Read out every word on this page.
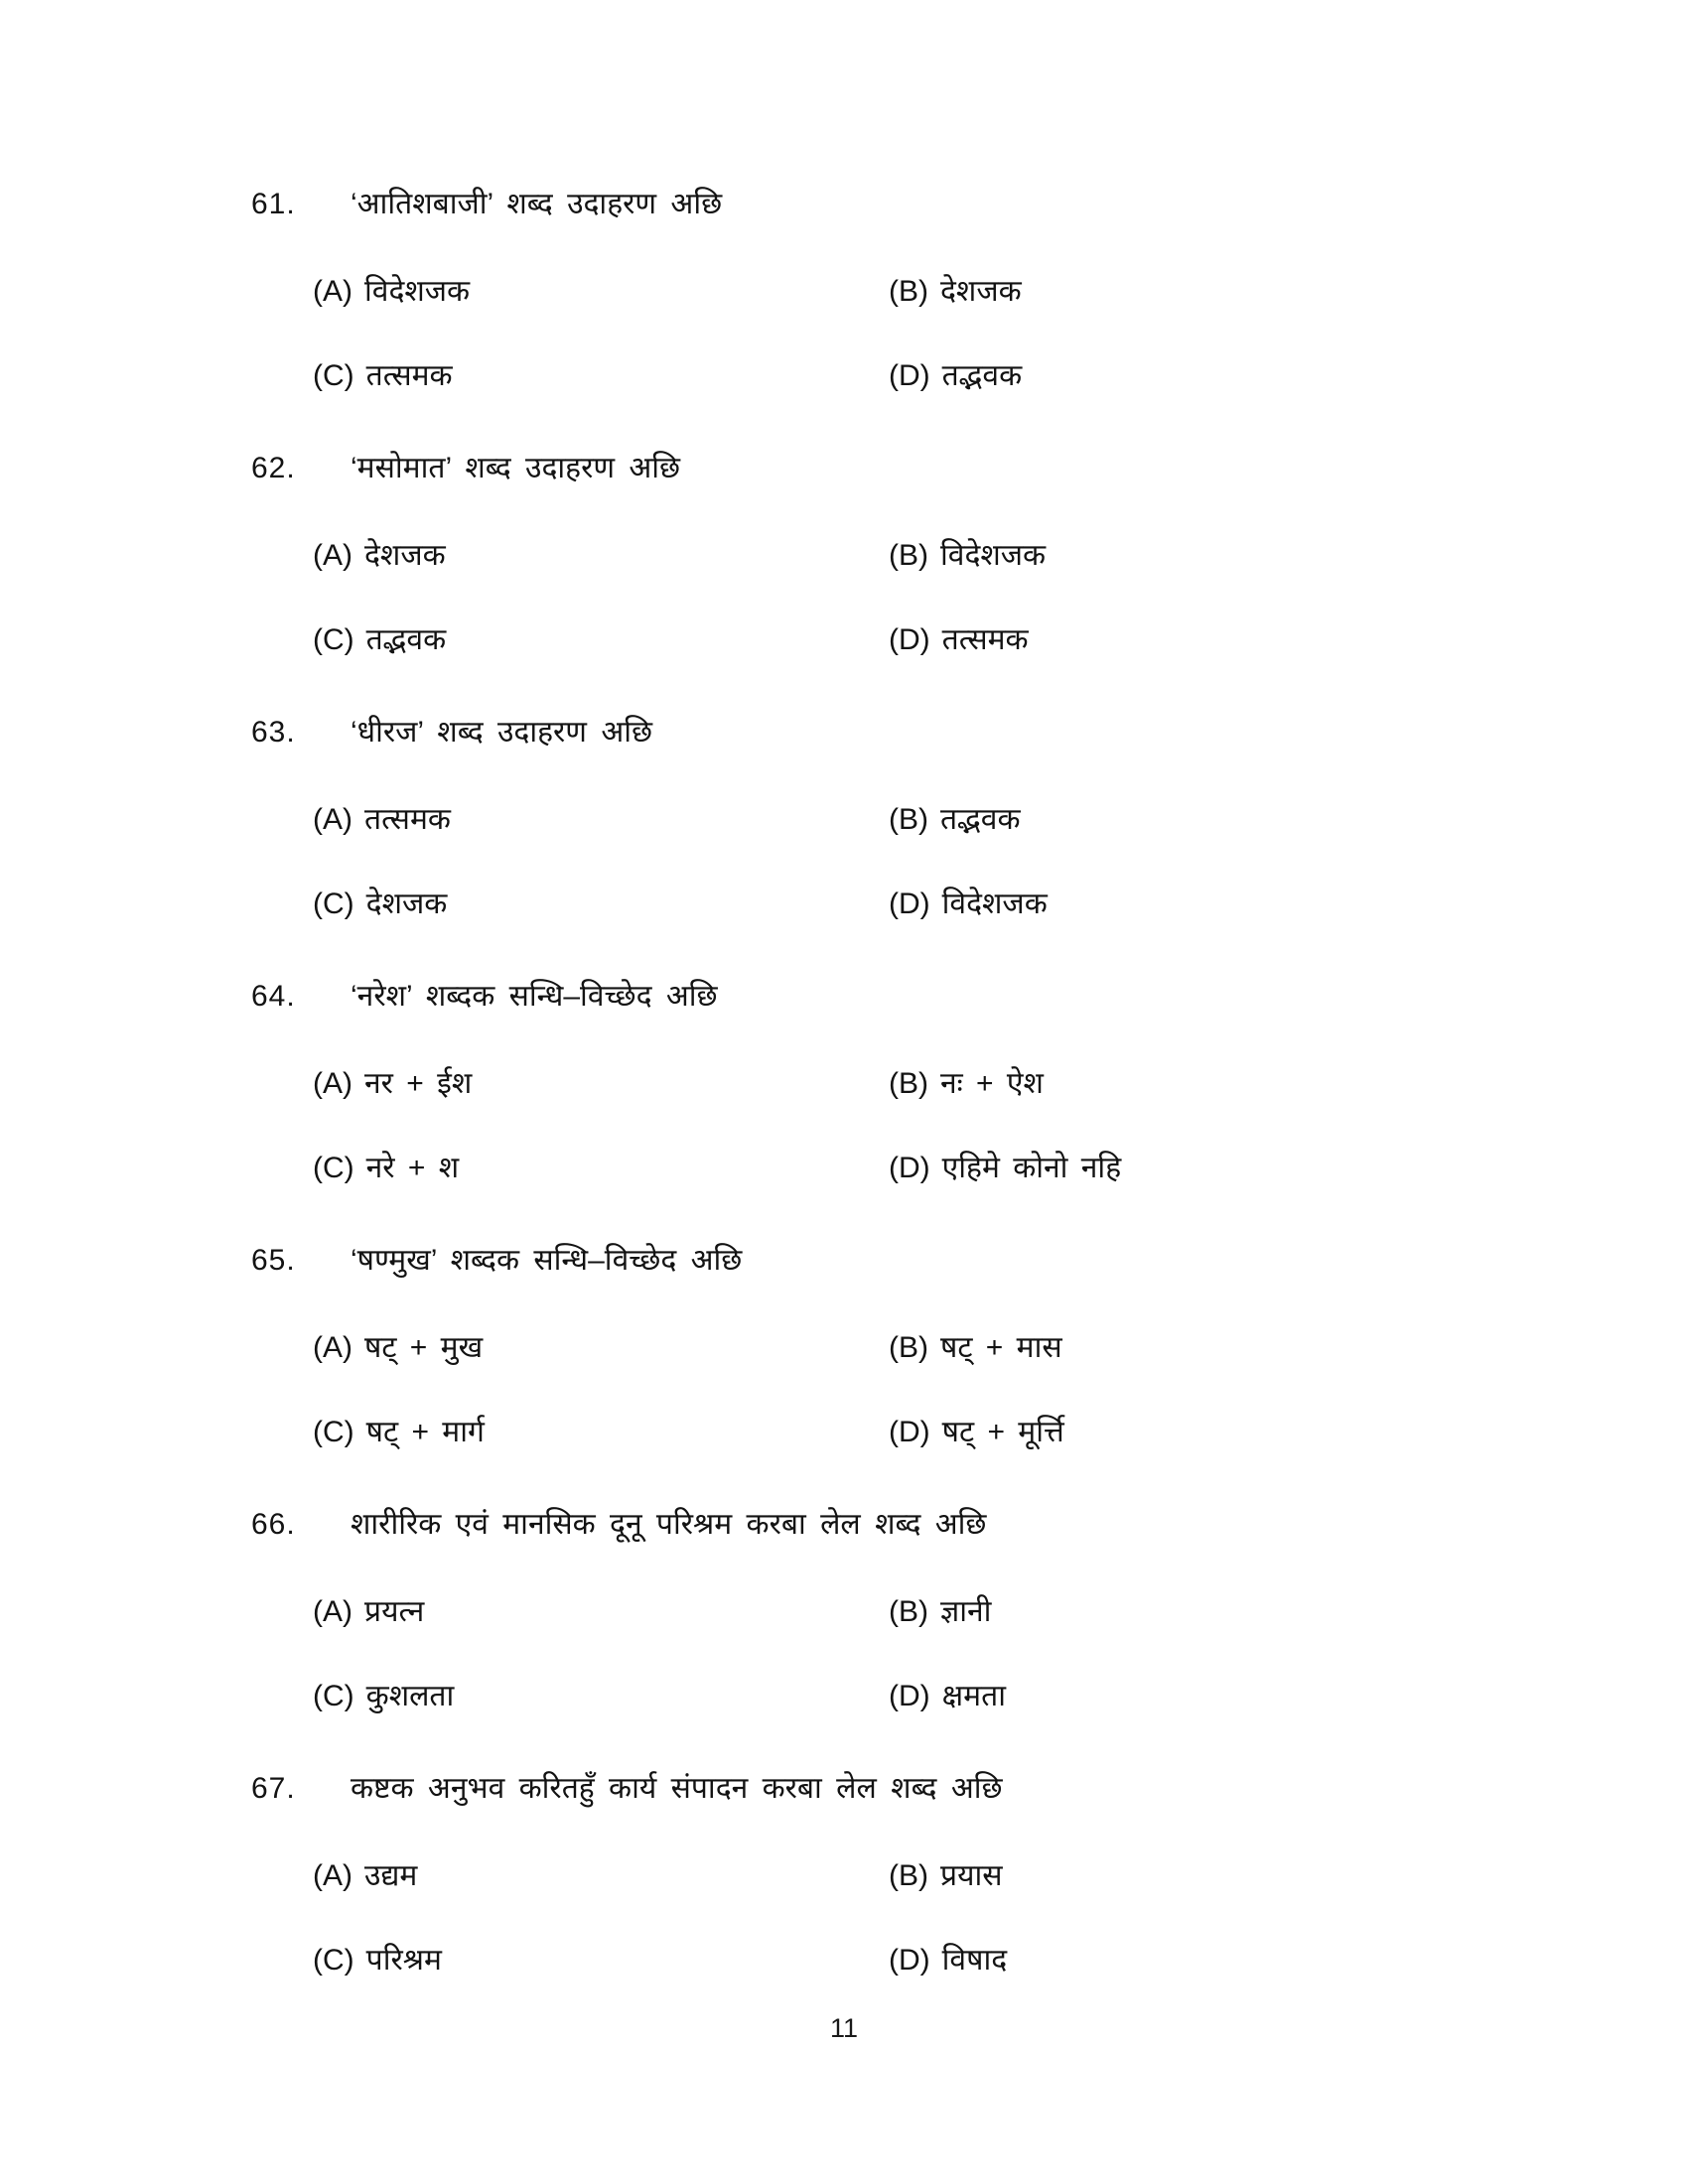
61.	‘आतिशबाजी’ शब्द उदाहरण अछि
(A) विदेशजक	(B) देशजक
(C) तत्समक	(D) तद्भवक
62.	‘मसोमात’ शब्द उदाहरण अछि
(A) देशजक	(B) विदेशजक
(C) तद्भवक	(D) तत्समक
63.	‘धीरज’ शब्द उदाहरण अछि
(A) तत्समक	(B) तद्भवक
(C) देशजक	(D) विदेशजक
64.	‘नरेश’ शब्दक सन्धि–विच्छेद अछि
(A) नर + ईश	(B) नः + ऐश
(C) नरे + श	(D) एहिमे कोनो नहि
65.	‘षण्मुख’ शब्दक सन्धि–विच्छेद अछि
(A) षट् + मुख	(B) षट् + मास
(C) षट् + मार्ग	(D) षट् + मूर्त्ति
66.	शारीरिक एवं मानसिक दूनू परिश्रम करबा लेल शब्द अछि
(A) प्रयत्न	(B) ज्ञानी
(C) कुशलता	(D) क्षमता
67.	कष्टक अनुभव करितहुँ कार्य संपादन करबा लेल शब्द अछि
(A) उद्यम	(B) प्रयास
(C) परिश्रम	(D) विषाद
11
